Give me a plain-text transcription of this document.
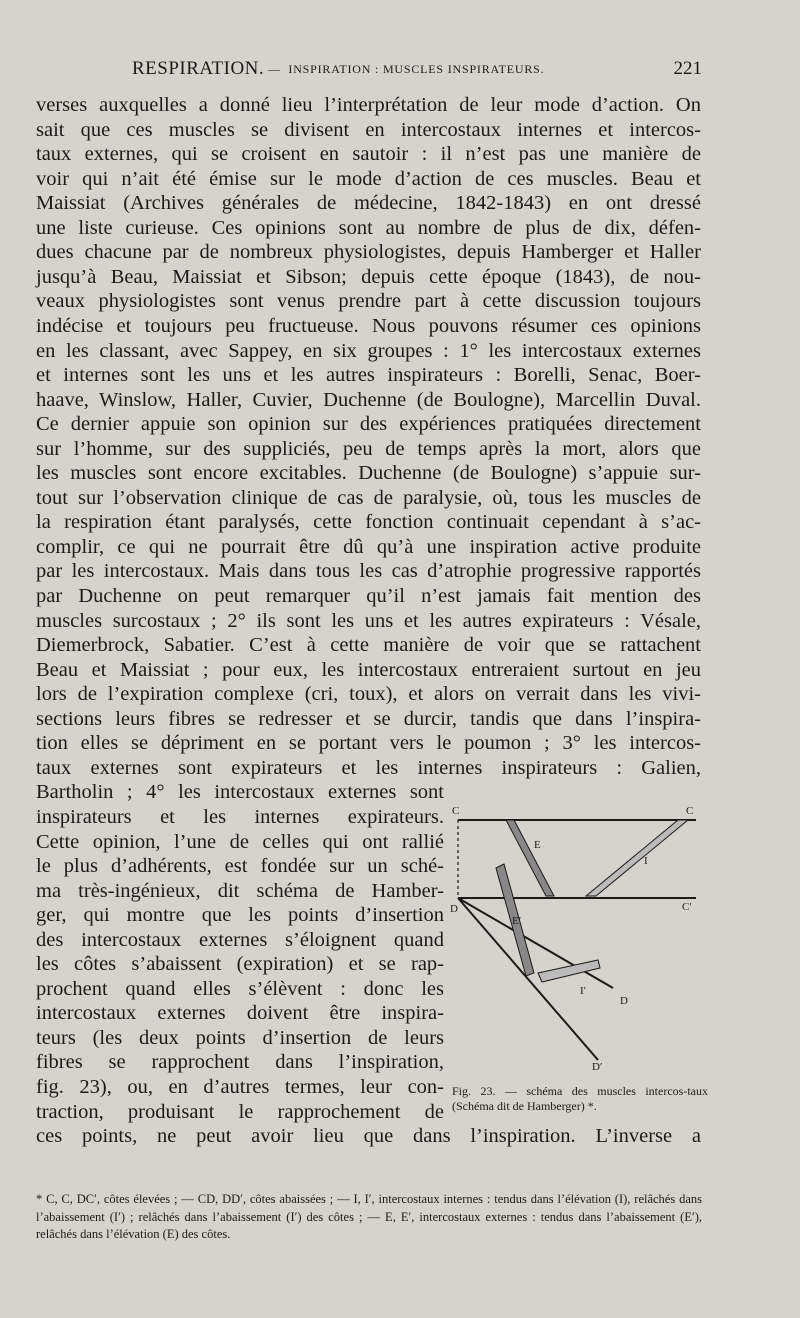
RESPIRATION. — INSPIRATION : MUSCLES INSPIRATEURS.	221
verses auxquelles a donné lieu l’interprétation de leur mode d’action. On
sait que ces muscles se divisent en intercostaux internes et intercos-
taux externes, qui se croisent en sautoir : il n’est pas une manière de
voir qui n’ait été émise sur le mode d’action de ces muscles. Beau et
Maissiat (Archives générales de médecine, 1842-1843) en ont dressé
une liste curieuse. Ces opinions sont au nombre de plus de dix, défen-
dues chacune par de nombreux physiologistes, depuis Hamberger et Haller
jusqu’à Beau, Maissiat et Sibson; depuis cette époque (1843), de nou-
veaux physiologistes sont venus prendre part à cette discussion toujours
indécise et toujours peu fructueuse. Nous pouvons résumer ces opinions
en les classant, avec Sappey, en six groupes : 1° les intercostaux externes
et internes sont les uns et les autres inspirateurs : Borelli, Senac, Boer-
haave, Winslow, Haller, Cuvier, Duchenne (de Boulogne), Marcellin Duval.
Ce dernier appuie son opinion sur des expériences pratiquées directement
sur l’homme, sur des suppliciés, peu de temps après la mort, alors que
les muscles sont encore excitables. Duchenne (de Boulogne) s’appuie sur-
tout sur l’observation clinique de cas de paralysie, où, tous les muscles de
la respiration étant paralysés, cette fonction continuait cependant à s’ac-
complir, ce qui ne pourrait être dû qu’à une inspiration active produite
par les intercostaux. Mais dans tous les cas d’atrophie progressive rapportés
par Duchenne on peut remarquer qu’il n’est jamais fait mention des
muscles surcostaux ; 2° ils sont les uns et les autres expirateurs : Vésale,
Diemerbrock, Sabatier. C’est à cette manière de voir que se rattachent
Beau et Maissiat ; pour eux, les intercostaux entreraient surtout en jeu
lors de l’expiration complexe (cri, toux), et alors on verrait dans les vivi-
sections leurs fibres se redresser et se durcir, tandis que dans l’inspira-
tion elles se dépriment en se portant vers le poumon ; 3° les intercos-
taux externes sont expirateurs et les internes inspirateurs : Galien,
Bartholin ; 4° les intercostaux externes sont
inspirateurs et les internes expirateurs.
Cette opinion, l’une de celles qui ont rallié
le plus d’adhérents, est fondée sur un sché-
ma très-ingénieux, dit schéma de Hamber-
ger, qui montre que les points d’insertion
des intercostaux externes s’éloignent quand
les côtes s’abaissent (expiration) et se rap-
prochent quand elles s’élèvent : donc les
intercostaux externes doivent être inspira-
teurs (les deux points d’insertion de leurs
fibres se rapprochent dans l’inspiration,
fig. 23), ou, en d’autres termes, leur con-
traction, produisant le rapprochement de
ces points, ne peut avoir lieu que dans l’inspiration. L’inverse a
C	C
D	C′
E
I
E′
I′
D
D′
Fig. 23. — schéma des muscles intercos-taux (Schéma dit de Hamberger) *.
* C, C, DC′, côtes élevées ; — CD, DD′, côtes abaissées ; — I, I′, intercostaux internes : tendus dans l’élévation (I), relâchés dans l’abaissement (I′) ; relâchés dans l’abaissement (I′) des côtes ; — E, E′, intercostaux externes : tendus dans l’abaissement (E′), relâchés dans l’élévation (E) des côtes.
